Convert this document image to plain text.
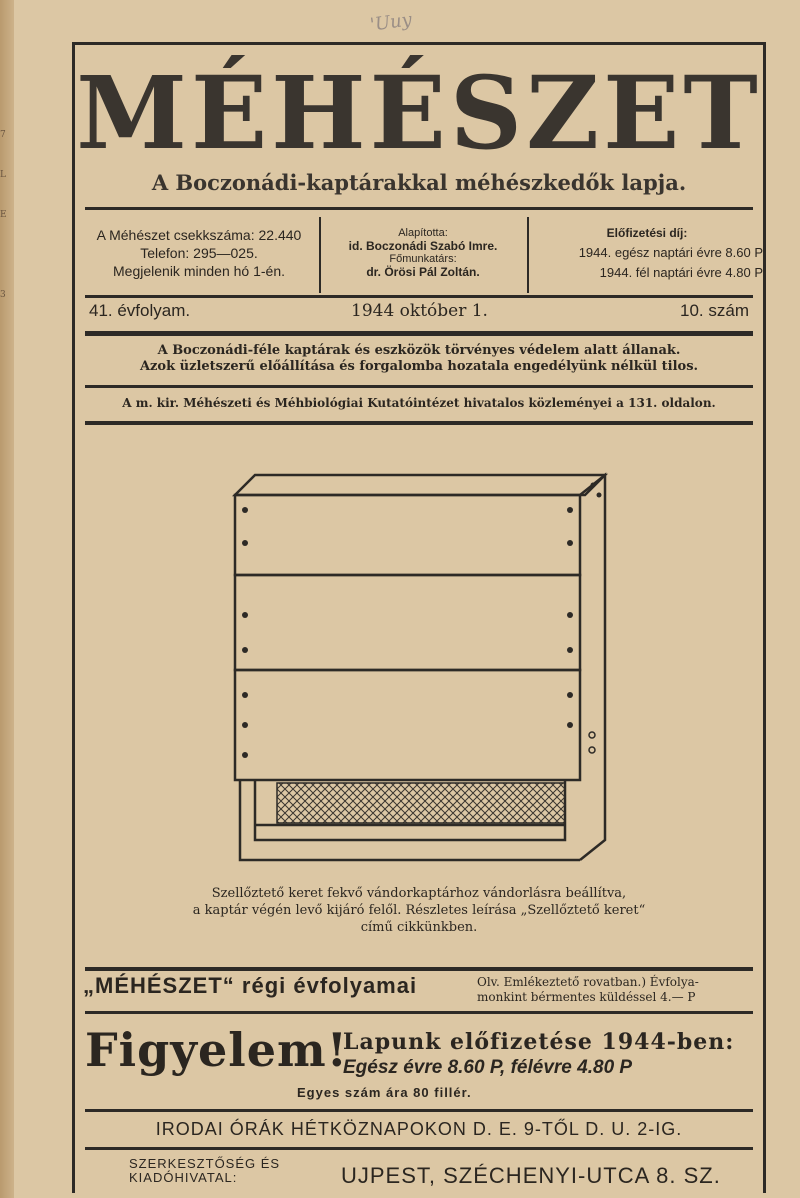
7
L
E
3
'Uuy
MÉHÉSZET
A Boczonádi-kaptárakkal méhészkedők lapja.
A Méhészet csekkszáma: 22.440
Telefon: 295—025.
Megjelenik minden hó 1-én.
Alapította:
id. Boczonádi Szabó Imre.
Főmunkatárs:
dr. Örösi Pál Zoltán.
Előfizetési díj:
1944. egész naptári évre 8.60 P
1944. fél naptári évre 4.80 P
41. évfolyam.	1944 október 1.	10. szám
A Boczonádi-féle kaptárak és eszközök törvényes védelem alatt állanak.
Azok üzletszerű előállítása és forgalomba hozatala engedélyünk nélkül tilos.
A m. kir. Méhészeti és Méhbiológiai Kutatóintézet hivatalos közleményei a 131. oldalon.
Szellőztető keret fekvő vándorkaptárhoz vándorlásra beállítva,
a kaptár végén levő kijáró felől. Részletes leírása „Szellőztető keret“
című cikkünkben.
„MÉHÉSZET“ régi évfolyamai	Olv. Emlékeztető rovatban.) Évfolya-
monkint bérmentes küldéssel 4.— P
Figyelem!
Lapunk előfizetése 1944-ben:
Egész évre 8.60 P, félévre 4.80 P
Egyes szám ára 80 fillér.
IRODAI ÓRÁK HÉTKÖZNAPOKON D. E. 9-TŐL D. U. 2-IG.
SZERKESZTŐSÉG ÉS
KIADÓHIVATAL:	UJPEST, SZÉCHENYI-UTCA 8. SZ.
